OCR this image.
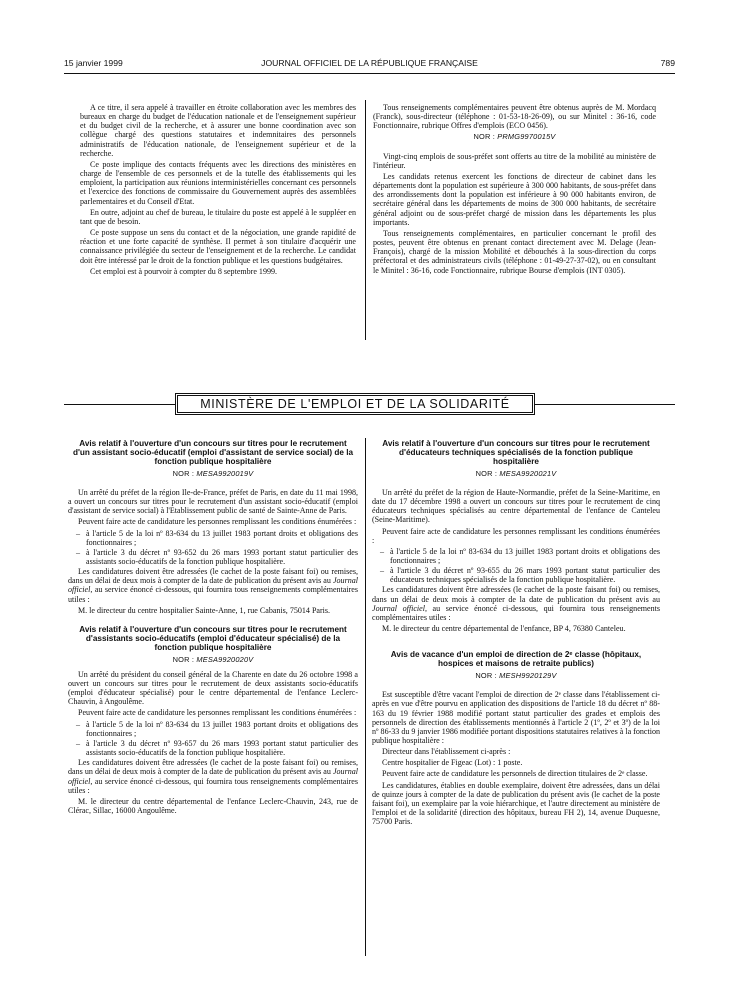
15 janvier 1999	JOURNAL OFFICIEL DE LA RÉPUBLIQUE FRANÇAISE	789

A ce titre, il sera appelé à travailler en étroite collaboration avec les membres des bureaux en charge du budget de l'éducation nationale et de l'enseignement supérieur et du budget civil de la recherche, et à assurer une bonne coordination avec son collègue chargé des questions statutaires et indemnitaires des personnels administratifs de l'éducation nationale, de l'enseignement supérieur et de la recherche.

Ce poste implique des contacts fréquents avec les directions des ministères en charge de l'ensemble de ces personnels et de la tutelle des établissements qui les emploient, la participation aux réunions interministérielles concernant ces personnels et l'exercice des fonctions de commissaire du Gouvernement auprès des assemblées parlementaires et du Conseil d'Etat.

En outre, adjoint au chef de bureau, le titulaire du poste est appelé à le suppléer en tant que de besoin.

Ce poste suppose un sens du contact et de la négociation, une grande rapidité de réaction et une forte capacité de synthèse. Il permet à son titulaire d'acquérir une connaissance privilégiée du secteur de l'enseignement et de la recherche. Le candidat doit être intéressé par le droit de la fonction publique et les questions budgétaires.

Cet emploi est à pourvoir à compter du 8 septembre 1999.

Tous renseignements complémentaires peuvent être obtenus auprès de M. Mordacq (Franck), sous-directeur (téléphone : 01-53-18-26-09), ou sur Minitel : 36-16, code Fonctionnaire, rubrique Offres d'emplois (ECO 0456).

NOR : PRMG9970015V

Vingt-cinq emplois de sous-préfet sont offerts au titre de la mobilité au ministère de l'intérieur.

Les candidats retenus exercent les fonctions de directeur de cabinet dans les départements dont la population est supérieure à 300 000 habitants, de sous-préfet dans des arrondissements dont la population est inférieure à 90 000 habitants environ, de secrétaire général dans les départements de moins de 300 000 habitants, de secrétaire général adjoint ou de sous-préfet chargé de mission dans les départements les plus importants.

Tous renseignements complémentaires, en particulier concernant le profil des postes, peuvent être obtenus en prenant contact directement avec M. Delage (Jean-François), chargé de la mission Mobilité et débouchés à la sous-direction du corps préfectoral et des administrateurs civils (téléphone : 01-49-27-37-02), ou en consultant le Minitel : 36-16, code Fonctionnaire, rubrique Bourse d'emplois (INT 0305).

MINISTÈRE DE L'EMPLOI ET DE LA SOLIDARITÉ

Avis relatif à l'ouverture d'un concours sur titres pour le recrutement d'un assistant socio-éducatif (emploi d'assistant de service social) de la fonction publique hospitalière

NOR : MESA9920019V

Un arrêté du préfet de la région Ile-de-France, préfet de Paris, en date du 11 mai 1998, a ouvert un concours sur titres pour le recrutement d'un assistant socio-éducatif (emploi d'assistant de service social) à l'Etablissement public de santé de Sainte-Anne de Paris.

Peuvent faire acte de candidature les personnes remplissant les conditions énumérées :

– à l'article 5 de la loi nº 83-634 du 13 juillet 1983 portant droits et obligations des fonctionnaires ;

– à l'article 3 du décret nº 93-652 du 26 mars 1993 portant statut particulier des assistants socio-éducatifs de la fonction publique hospitalière.

Les candidatures doivent être adressées (le cachet de la poste faisant foi) ou remises, dans un délai de deux mois à compter de la date de publication du présent avis au Journal officiel, au service énoncé ci-dessous, qui fournira tous renseignements complémentaires utiles :

M. le directeur du centre hospitalier Sainte-Anne, 1, rue Cabanis, 75014 Paris.

Avis relatif à l'ouverture d'un concours sur titres pour le recrutement d'assistants socio-éducatifs (emploi d'éducateur spécialisé) de la fonction publique hospitalière

NOR : MESA9920020V

Un arrêté du président du conseil général de la Charente en date du 26 octobre 1998 a ouvert un concours sur titres pour le recrutement de deux assistants socio-éducatifs (emploi d'éducateur spécialisé) pour le centre départemental de l'enfance Leclerc-Chauvin, à Angoulême.

Peuvent faire acte de candidature les personnes remplissant les conditions énumérées :

– à l'article 5 de la loi nº 83-634 du 13 juillet 1983 portant droits et obligations des fonctionnaires ;

– à l'article 3 du décret nº 93-657 du 26 mars 1993 portant statut particulier des assistants socio-éducatifs de la fonction publique hospitalière.

Les candidatures doivent être adressées (le cachet de la poste faisant foi) ou remises, dans un délai de deux mois à compter de la date de publication du présent avis au Journal officiel, au service énoncé ci-dessous, qui fournira tous renseignements complémentaires utiles :

M. le directeur du centre départemental de l'enfance Leclerc-Chauvin, 243, rue de Clérac, Sillac, 16000 Angoulême.

Avis relatif à l'ouverture d'un concours sur titres pour le recrutement d'éducateurs techniques spécialisés de la fonction publique hospitalière

NOR : MESA9920021V

Un arrêté du préfet de la région de Haute-Normandie, préfet de la Seine-Maritime, en date du 17 décembre 1998 a ouvert un concours sur titres pour le recrutement de cinq éducateurs techniques spécialisés au centre départemental de l'enfance de Canteleu (Seine-Maritime).

Peuvent faire acte de candidature les personnes remplissant les conditions énumérées :

– à l'article 5 de la loi nº 83-634 du 13 juillet 1983 portant droits et obligations des fonctionnaires ;

– à l'article 3 du décret nº 93-655 du 26 mars 1993 portant statut particulier des éducateurs techniques spécialisés de la fonction publique hospitalière.

Les candidatures doivent être adressées (le cachet de la poste faisant foi) ou remises, dans un délai de deux mois à compter de la date de publication du présent avis au Journal officiel, au service énoncé ci-dessous, qui fournira tous renseignements complémentaires utiles :

M. le directeur du centre départemental de l'enfance, BP 4, 76380 Canteleu.

Avis de vacance d'un emploi de direction de 2ᵉ classe (hôpitaux, hospices et maisons de retraite publics)

NOR : MESH9920129V

Est susceptible d'être vacant l'emploi de direction de 2ᵉ classe dans l'établissement ci-après en vue d'être pourvu en application des dispositions de l'article 18 du décret nº 88-163 du 19 février 1988 modifié portant statut particulier des grades et emplois des personnels de direction des établissements mentionnés à l'article 2 (1º, 2º et 3º) de la loi nº 86-33 du 9 janvier 1986 modifiée portant dispositions statutaires relatives à la fonction publique hospitalière :

Directeur dans l'établissement ci-après :

Centre hospitalier de Figeac (Lot) : 1 poste.

Peuvent faire acte de candidature les personnels de direction titulaires de 2ᵉ classe.

Les candidatures, établies en double exemplaire, doivent être adressées, dans un délai de quinze jours à compter de la date de publication du présent avis (le cachet de la poste faisant foi), un exemplaire par la voie hiérarchique, et l'autre directement au ministère de l'emploi et de la solidarité (direction des hôpitaux, bureau FH 2), 14, avenue Duquesne, 75700 Paris.
